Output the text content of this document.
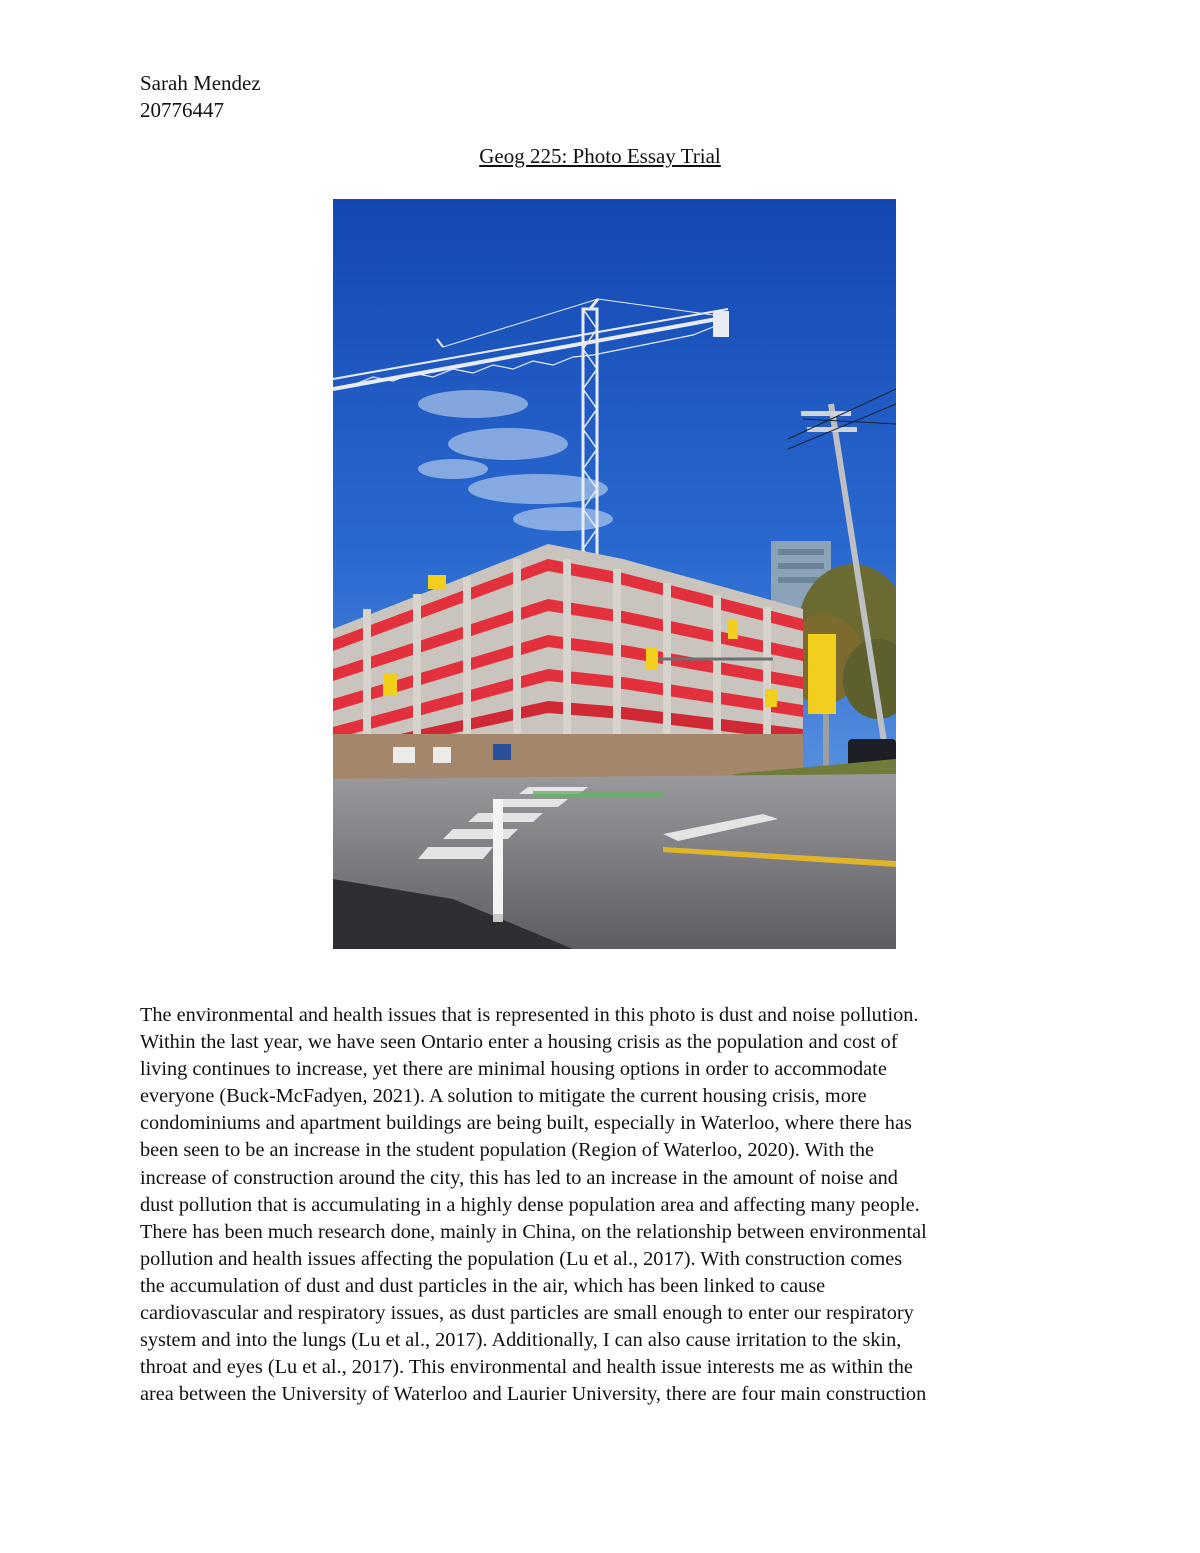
Sarah Mendez
20776447
Geog 225: Photo Essay Trial
The environmental and health issues that is represented in this photo is dust and noise pollution.
Within the last year, we have seen Ontario enter a housing crisis as the population and cost of
living continues to increase, yet there are minimal housing options in order to accommodate
everyone (Buck-McFadyen, 2021). A solution to mitigate the current housing crisis, more
condominiums and apartment buildings are being built, especially in Waterloo, where there has
been seen to be an increase in the student population (Region of Waterloo, 2020). With the
increase of construction around the city, this has led to an increase in the amount of noise and
dust pollution that is accumulating in a highly dense population area and affecting many people.
There has been much research done, mainly in China, on the relationship between environmental
pollution and health issues affecting the population (Lu et al., 2017). With construction comes
the accumulation of dust and dust particles in the air, which has been linked to cause
cardiovascular and respiratory issues, as dust particles are small enough to enter our respiratory
system and into the lungs (Lu et al., 2017). Additionally, I can also cause irritation to the skin,
throat and eyes (Lu et al., 2017). This environmental and health issue interests me as within the
area between the University of Waterloo and Laurier University, there are four main construction
